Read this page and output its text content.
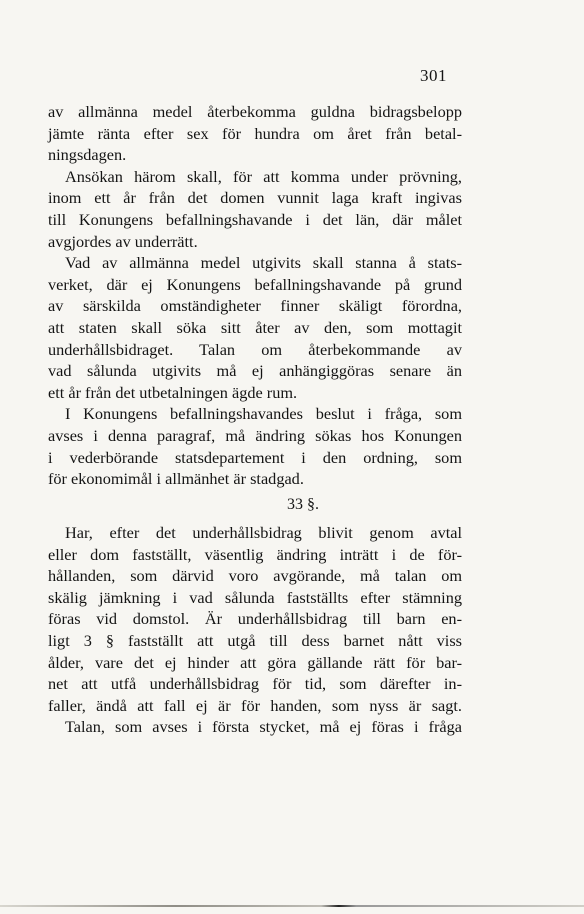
301
av allmänna medel återbekomma guldna bidragsbelopp
jämte ränta efter sex för hundra om året från betal-
ningsdagen.
Ansökan härom skall, för att komma under prövning,
inom ett år från det domen vunnit laga kraft ingivas
till Konungens befallningshavande i det län, där målet
avgjordes av underrätt.
Vad av allmänna medel utgivits skall stanna å stats-
verket, där ej Konungens befallningshavande på grund
av särskilda omständigheter finner skäligt förordna,
att staten skall söka sitt åter av den, som mottagit
underhållsbidraget. Talan om återbekommande av
vad sålunda utgivits må ej anhängiggöras senare än
ett år från det utbetalningen ägde rum.
I Konungens befallningshavandes beslut i fråga, som
avses i denna paragraf, må ändring sökas hos Konungen
i vederbörande statsdepartement i den ordning, som
för ekonomimål i allmänhet är stadgad.
33 §.
Har, efter det underhållsbidrag blivit genom avtal
eller dom fastställt, väsentlig ändring inträtt i de för-
hållanden, som därvid voro avgörande, må talan om
skälig jämkning i vad sålunda fastställts efter stämning
föras vid domstol. Är underhållsbidrag till barn en-
ligt 3 § fastställt att utgå till dess barnet nått viss
ålder, vare det ej hinder att göra gällande rätt för bar-
net att utfå underhållsbidrag för tid, som därefter in-
faller, ändå att fall ej är för handen, som nyss är sagt.
Talan, som avses i första stycket, må ej föras i fråga
